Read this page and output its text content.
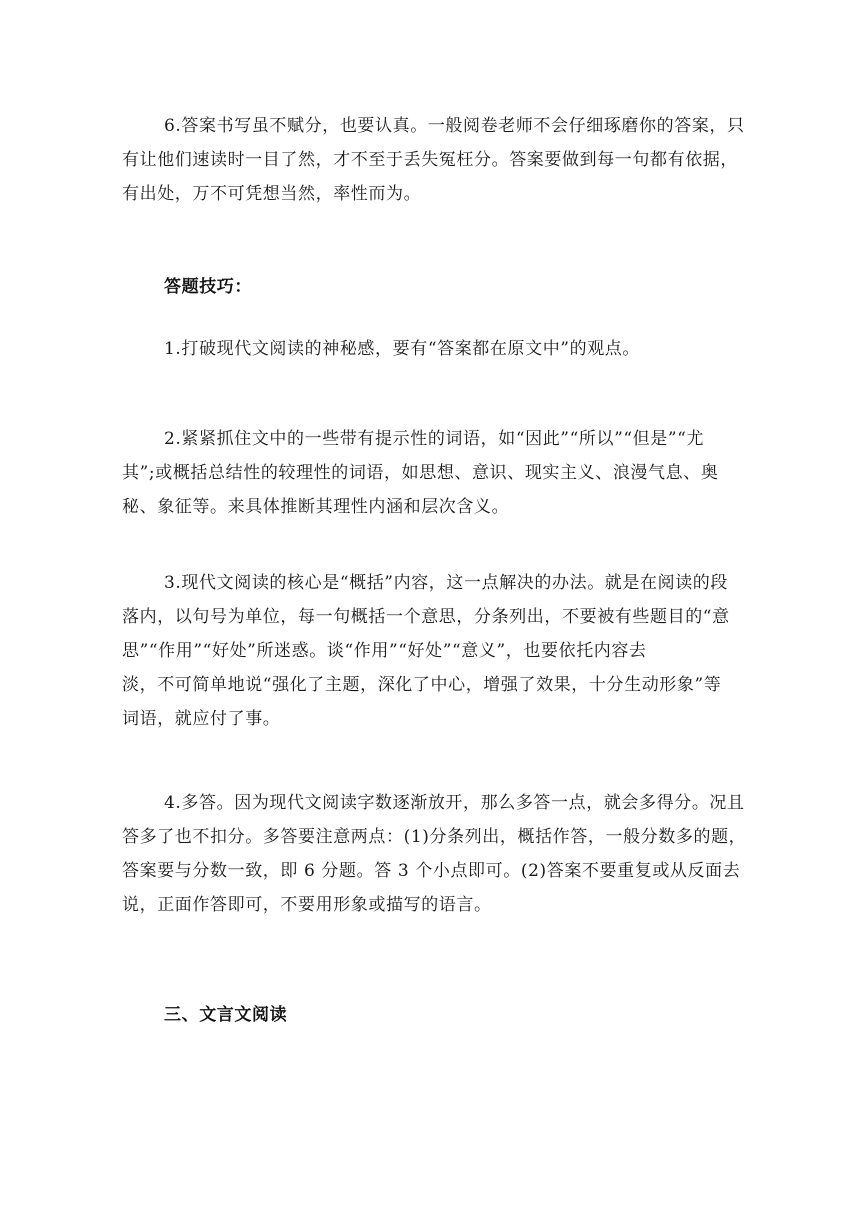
6.答案书写虽不赋分，也要认真。一般阅卷老师不会仔细琢磨你的答案，只
有让他们速读时一目了然，才不至于丢失冤枉分。答案要做到每一句都有依据，
有出处，万不可凭想当然，率性而为。
答题技巧：
1.打破现代文阅读的神秘感，要有“答案都在原文中”的观点。
2.紧紧抓住文中的一些带有提示性的词语，如“因此”“所以”“但是”“尤
其”;或概括总结性的较理性的词语，如思想、意识、现实主义、浪漫气息、奥
秘、象征等。来具体推断其理性内涵和层次含义。
3.现代文阅读的核心是“概括”内容，这一点解决的办法。就是在阅读的段
落内，以句号为单位，每一句概括一个意思，分条列出，不要被有些题目的“意
思”“作用”“好处”所迷惑。谈“作用”“好处”“意义”，也要依托内容去
淡，不可简单地说“强化了主题，深化了中心，增强了效果，十分生动形象”等
词语，就应付了事。
4.多答。因为现代文阅读字数逐渐放开，那么多答一点，就会多得分。况且
答多了也不扣分。多答要注意两点：(1)分条列出，概括作答，一般分数多的题，
答案要与分数一致，即 6 分题。答 3 个小点即可。(2)答案不要重复或从反面去
说，正面作答即可，不要用形象或描写的语言。
三、文言文阅读
